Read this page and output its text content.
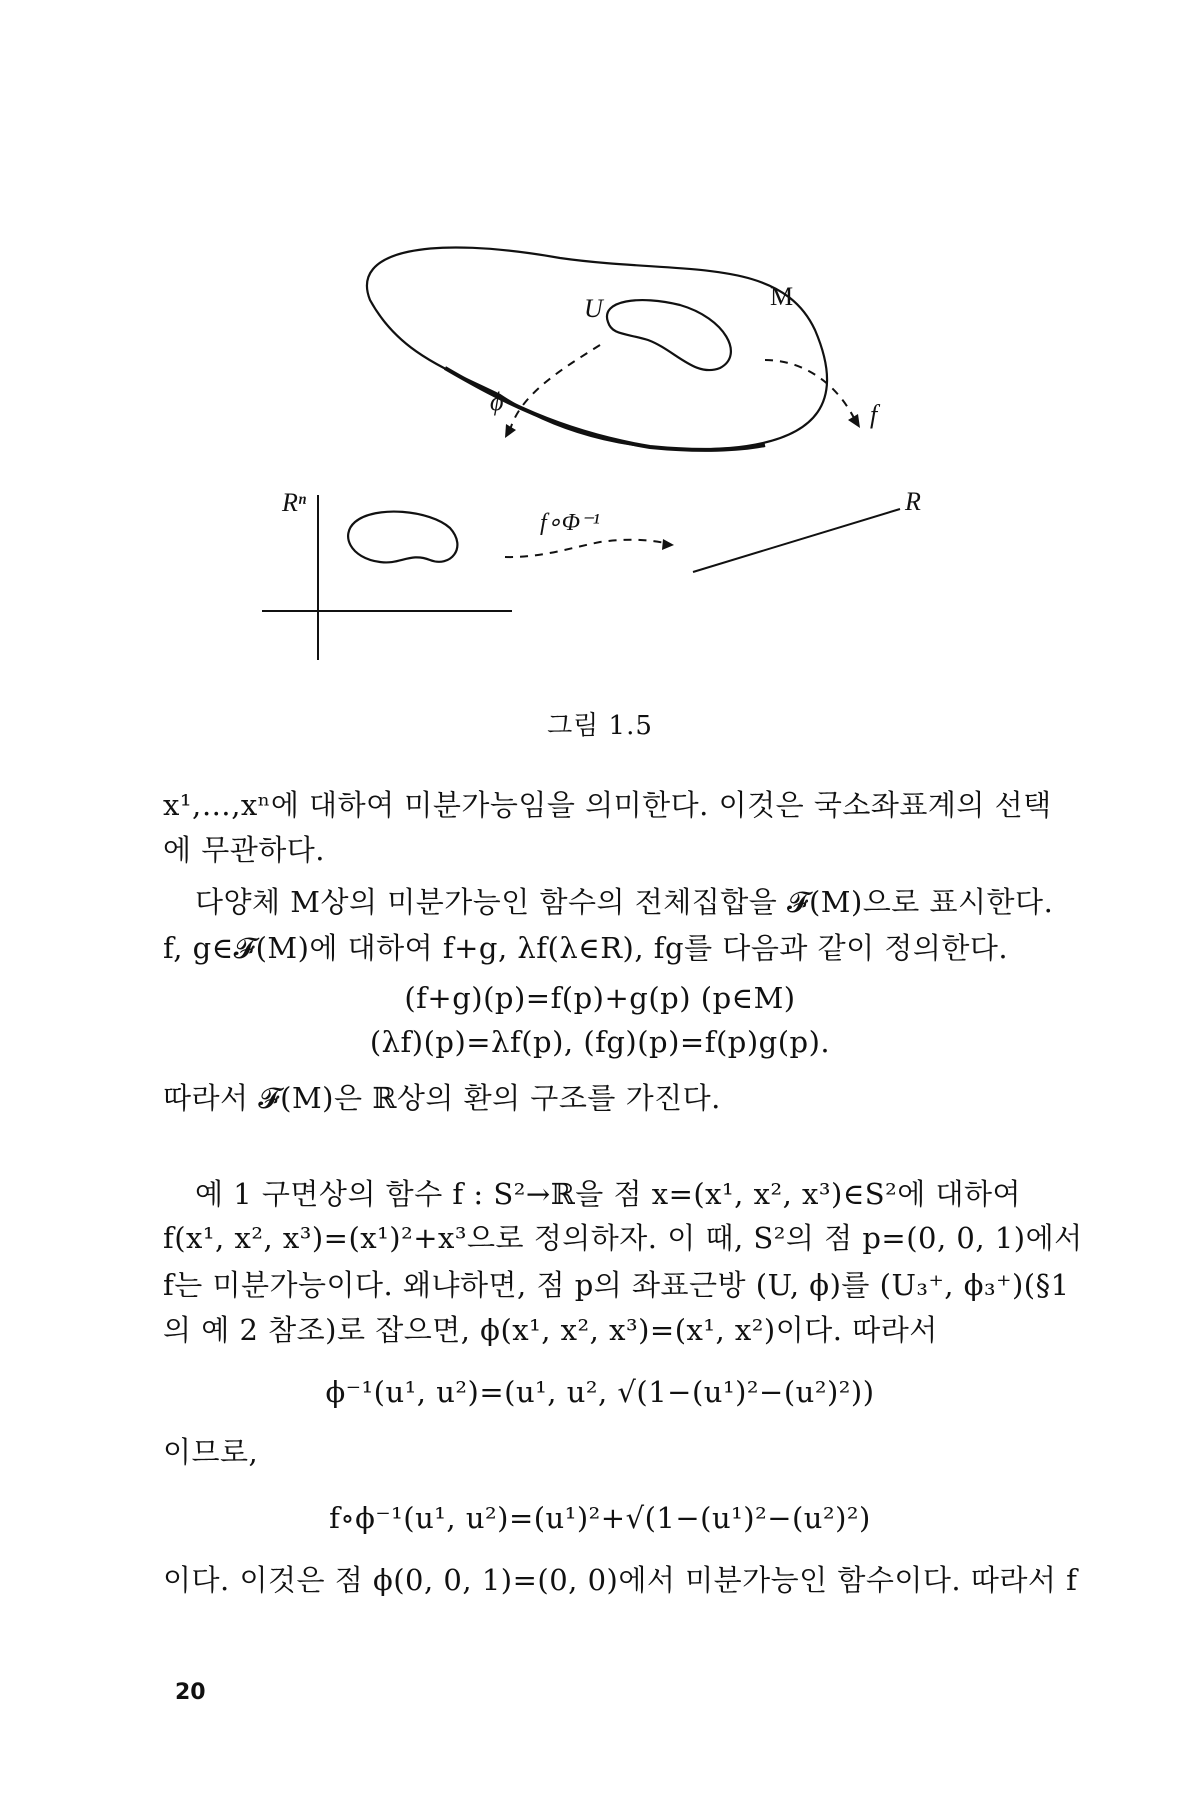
M
U
ϕ	f
Rⁿ	R
f∘Φ⁻¹
그림 1.5
x¹,…,xⁿ에 대하여 미분가능임을 의미한다. 이것은 국소좌표계의 선택
에 무관하다.
다양체 M상의 미분가능인 함수의 전체집합을 𝓕(M)으로 표시한다.
f, g∈𝓕(M)에 대하여 f+g, λf(λ∈R), fg를 다음과 같이 정의한다.
(f+g)(p)=f(p)+g(p) (p∈M)
(λf)(p)=λf(p), (fg)(p)=f(p)g(p).
따라서 𝓕(M)은 ℝ상의 환의 구조를 가진다.
예 1 구면상의 함수 f : S²→ℝ을 점 x=(x¹, x², x³)∈S²에 대하여
f(x¹, x², x³)=(x¹)²+x³으로 정의하자. 이 때, S²의 점 p=(0, 0, 1)에서
f는 미분가능이다. 왜냐하면, 점 p의 좌표근방 (U, ϕ)를 (U₃⁺, ϕ₃⁺)(§1
의 예 2 참조)로 잡으면, ϕ(x¹, x², x³)=(x¹, x²)이다. 따라서
ϕ⁻¹(u¹, u²)=(u¹, u², √(1−(u¹)²−(u²)²))
이므로,
f∘ϕ⁻¹(u¹, u²)=(u¹)²+√(1−(u¹)²−(u²)²)
이다. 이것은 점 ϕ(0, 0, 1)=(0, 0)에서 미분가능인 함수이다. 따라서 f
20
